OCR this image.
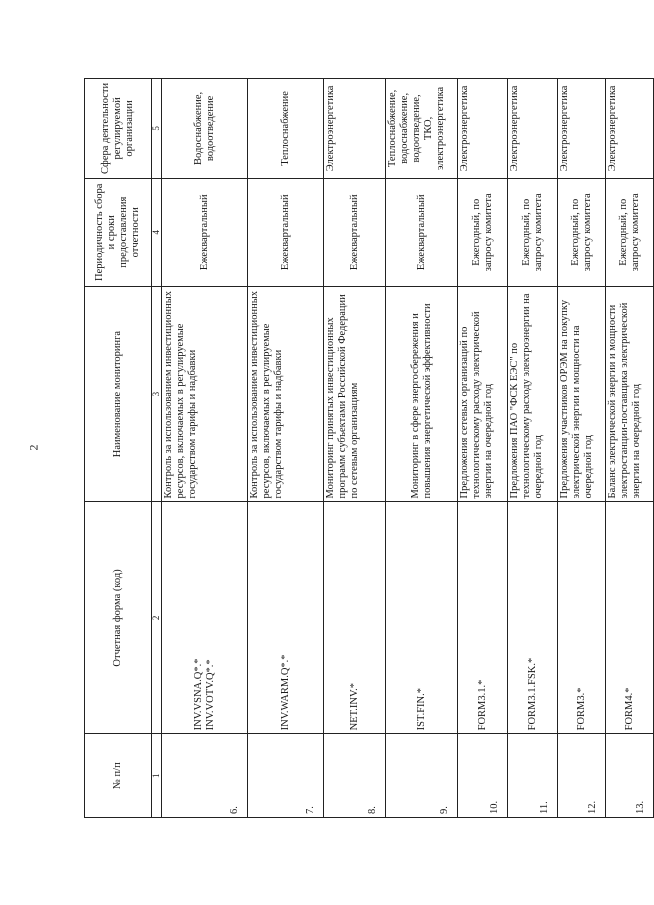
2
№ п/п	Отчетная форма (код)	Наименование мониторинга	Периодичность сбора и сроки предоставления отчетности	Сфера деятельности регулируемой организации
1	2	3	4	5
6.	INV.VSNA.Q*.* INV.VOTV.Q*.*	Контроль за использованием инвестиционных ресурсов, включаемых в регулируемые государством тарифы и надбавки	Ежеквартальный	Водоснабжение, водоотведение
7.	INV.WARM.Q*.*	Контроль за использованием инвестиционных ресурсов, включаемых в регулируемые государством тарифы и надбавки	Ежеквартальный	Теплоснабжение
8.	NET.INV.*	Мониторинг принятых инвестиционных программ субъектами Российской Федерации по сетевым организациям	Ежеквартальный	Электроэнергетика
9.	IST.FIN.*	Мониторинг в сфере энергосбережения и повышения энергетической эффективности	Ежеквартальный	Теплоснабжение, водоснабжение, водоотведение, ТКО, электроэнергетика
10.	FORM3.1.*	Предложения сетевых организаций по технологическому расходу электрической энергии на очередной год	Ежегодный, по запросу комитета	Электроэнергетика
11.	FORM3.1.FSK.*	Предложения ПАО "ФСК ЕЭС" по технологическому расходу электроэнергии на очередной год	Ежегодный, по запросу комитета	Электроэнергетика
12.	FORM3.*	Предложения участников ОРЭМ на покупку электрической энергии и мощности на очередной год	Ежегодный, по запросу комитета	Электроэнергетика
13.	FORM4.*	Баланс электрической энергии и мощности электростанции-поставщика электрической энергии на очередной год	Ежегодный, по запросу комитета	Электроэнергетика
